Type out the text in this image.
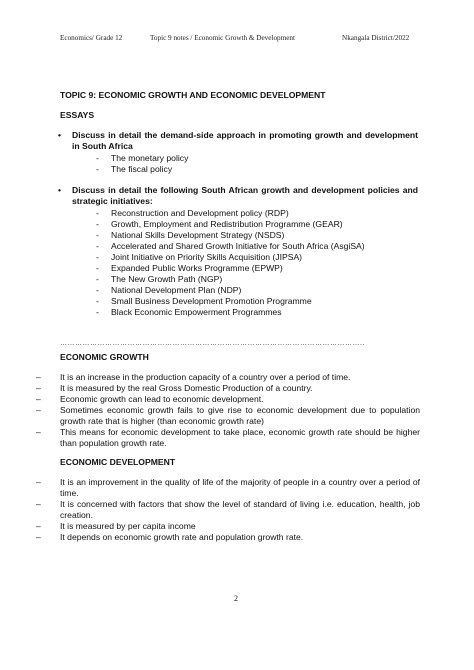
Economics/ Grade 12	Topic 9 notes / Economic Growth & Development	Nkangala District/2022
TOPIC 9: ECONOMIC GROWTH AND ECONOMIC DEVELOPMENT
ESSAYS
• Discuss in detail the demand-side approach in promoting growth and development in South Africa
- The monetary policy
- The fiscal policy
• Discuss in detail the following South African growth and development policies and strategic initiatives:
- Reconstruction and Development policy (RDP)
- Growth, Employment and Redistribution Programme (GEAR)
- National Skills Development Strategy (NSDS)
- Accelerated and Shared Growth Initiative for South Africa (AsgiSA)
- Joint Initiative on Priority Skills Acquisition (JIPSA)
- Expanded Public Works Programme (EPWP)
- The New Growth Path (NGP)
- National Development Plan (NDP)
- Small Business Development Promotion Programme
- Black Economic Empowerment Programmes
…………………………………………………………………………………………………………..
ECONOMIC GROWTH
– It is an increase in the production capacity of a country over a period of time.
– It is measured by the real Gross Domestic Production of a country.
– Economic growth can lead to economic development.
– Sometimes economic growth fails to give rise to economic development due to population growth rate that is higher (than economic growth rate)
– This means for economic development to take place, economic growth rate should be higher than population growth rate.
ECONOMIC DEVELOPMENT
– It is an improvement in the quality of life of the majority of people in a country over a period of time.
– It is concerned with factors that show the level of standard of living i.e. education, health, job creation.
– It is measured by per capita income
– It depends on economic growth rate and population growth rate.
2
